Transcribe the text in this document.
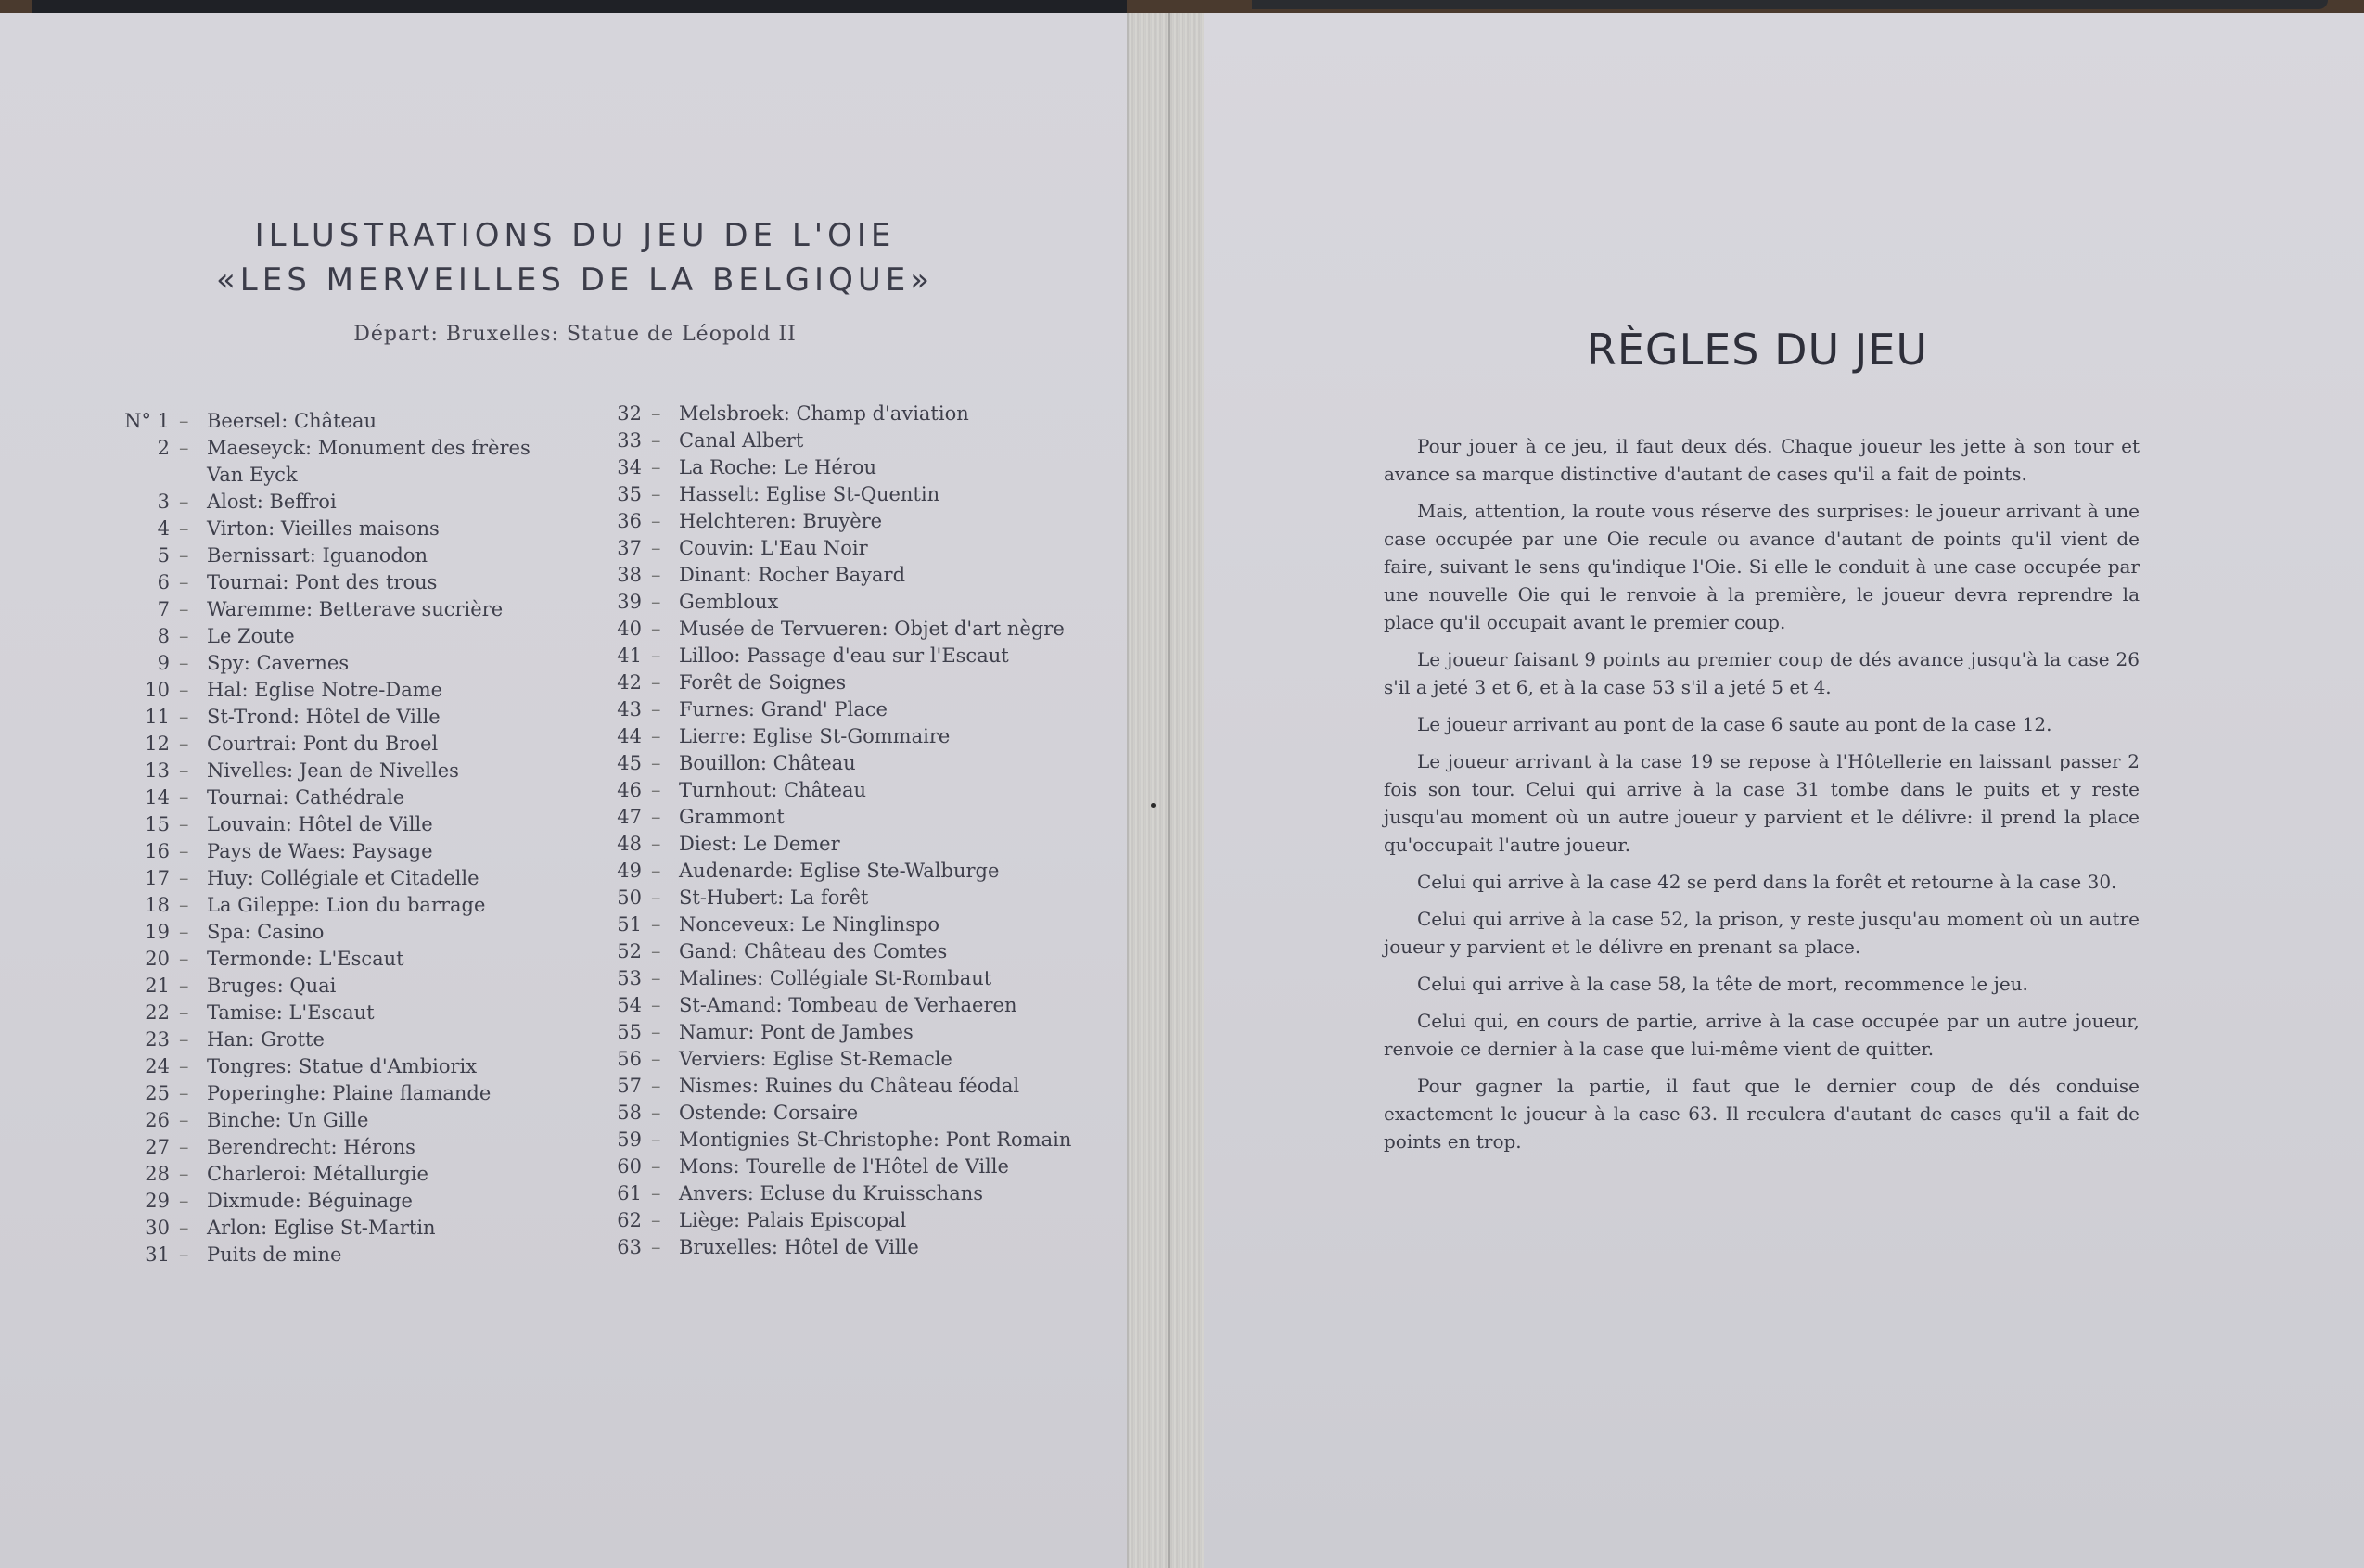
ILLUSTRATIONS DU JEU DE L'OIE
«LES MERVEILLES DE LA BELGIQUE»
Départ: Bruxelles: Statue de Léopold II
N° 1 – Beersel: Château
2 – Maeseyck: Monument des frères Van Eyck
3 – Alost: Beffroi
4 – Virton: Vieilles maisons
5 – Bernissart: Iguanodon
6 – Tournai: Pont des trous
7 – Waremme: Betterave sucrière
8 – Le Zoute
9 – Spy: Cavernes
10 – Hal: Eglise Notre-Dame
11 – St-Trond: Hôtel de Ville
12 – Courtrai: Pont du Broel
13 – Nivelles: Jean de Nivelles
14 – Tournai: Cathédrale
15 – Louvain: Hôtel de Ville
16 – Pays de Waes: Paysage
17 – Huy: Collégiale et Citadelle
18 – La Gileppe: Lion du barrage
19 – Spa: Casino
20 – Termonde: L'Escaut
21 – Bruges: Quai
22 – Tamise: L'Escaut
23 – Han: Grotte
24 – Tongres: Statue d'Ambiorix
25 – Poperinghe: Plaine flamande
26 – Binche: Un Gille
27 – Berendrecht: Hérons
28 – Charleroi: Métallurgie
29 – Dixmude: Béguinage
30 – Arlon: Eglise St-Martin
31 – Puits de mine
32 – Melsbroek: Champ d'aviation
33 – Canal Albert
34 – La Roche: Le Hérou
35 – Hasselt: Eglise St-Quentin
36 – Helchteren: Bruyère
37 – Couvin: L'Eau Noir
38 – Dinant: Rocher Bayard
39 – Gembloux
40 – Musée de Tervueren: Objet d'art nègre
41 – Lilloo: Passage d'eau sur l'Escaut
42 – Forêt de Soignes
43 – Furnes: Grand' Place
44 – Lierre: Eglise St-Gommaire
45 – Bouillon: Château
46 – Turnhout: Château
47 – Grammont
48 – Diest: Le Demer
49 – Audenarde: Eglise Ste-Walburge
50 – St-Hubert: La forêt
51 – Nonceveux: Le Ninglinspo
52 – Gand: Château des Comtes
53 – Malines: Collégiale St-Rombaut
54 – St-Amand: Tombeau de Verhaeren
55 – Namur: Pont de Jambes
56 – Verviers: Eglise St-Remacle
57 – Nismes: Ruines du Château féodal
58 – Ostende: Corsaire
59 – Montignies St-Christophe: Pont Romain
60 – Mons: Tourelle de l'Hôtel de Ville
61 – Anvers: Ecluse du Kruisschans
62 – Liège: Palais Episcopal
63 – Bruxelles: Hôtel de Ville
RÈGLES DU JEU

Pour jouer à ce jeu, il faut deux dés. Chaque joueur les jette à son tour et avance sa marque distinctive d'autant de cases qu'il a fait de points.

Mais, attention, la route vous réserve des surprises: le joueur arrivant à une case occupée par une Oie recule ou avance d'autant de points qu'il vient de faire, suivant le sens qu'indique l'Oie. Si elle le conduit à une case occupée par une nouvelle Oie qui le renvoie à la première, le joueur devra reprendre la place qu'il occupait avant le premier coup.

Le joueur faisant 9 points au premier coup de dés avance jusqu'à la case 26 s'il a jeté 3 et 6, et à la case 53 s'il a jeté 5 et 4.

Le joueur arrivant au pont de la case 6 saute au pont de la case 12.

Le joueur arrivant à la case 19 se repose à l'Hôtellerie en laissant passer 2 fois son tour. Celui qui arrive à la case 31 tombe dans le puits et y reste jusqu'au moment où un autre joueur y parvient et le délivre: il prend la place qu'occupait l'autre joueur.

Celui qui arrive à la case 42 se perd dans la forêt et retourne à la case 30.

Celui qui arrive à la case 52, la prison, y reste jusqu'au moment où un autre joueur y parvient et le délivre en prenant sa place.

Celui qui arrive à la case 58, la tête de mort, recommence le jeu.

Celui qui, en cours de partie, arrive à la case occupée par un autre joueur, renvoie ce dernier à la case que lui-même vient de quitter.

Pour gagner la partie, il faut que le dernier coup de dés conduise exactement le joueur à la case 63. Il reculera d'autant de cases qu'il a fait de points en trop.
